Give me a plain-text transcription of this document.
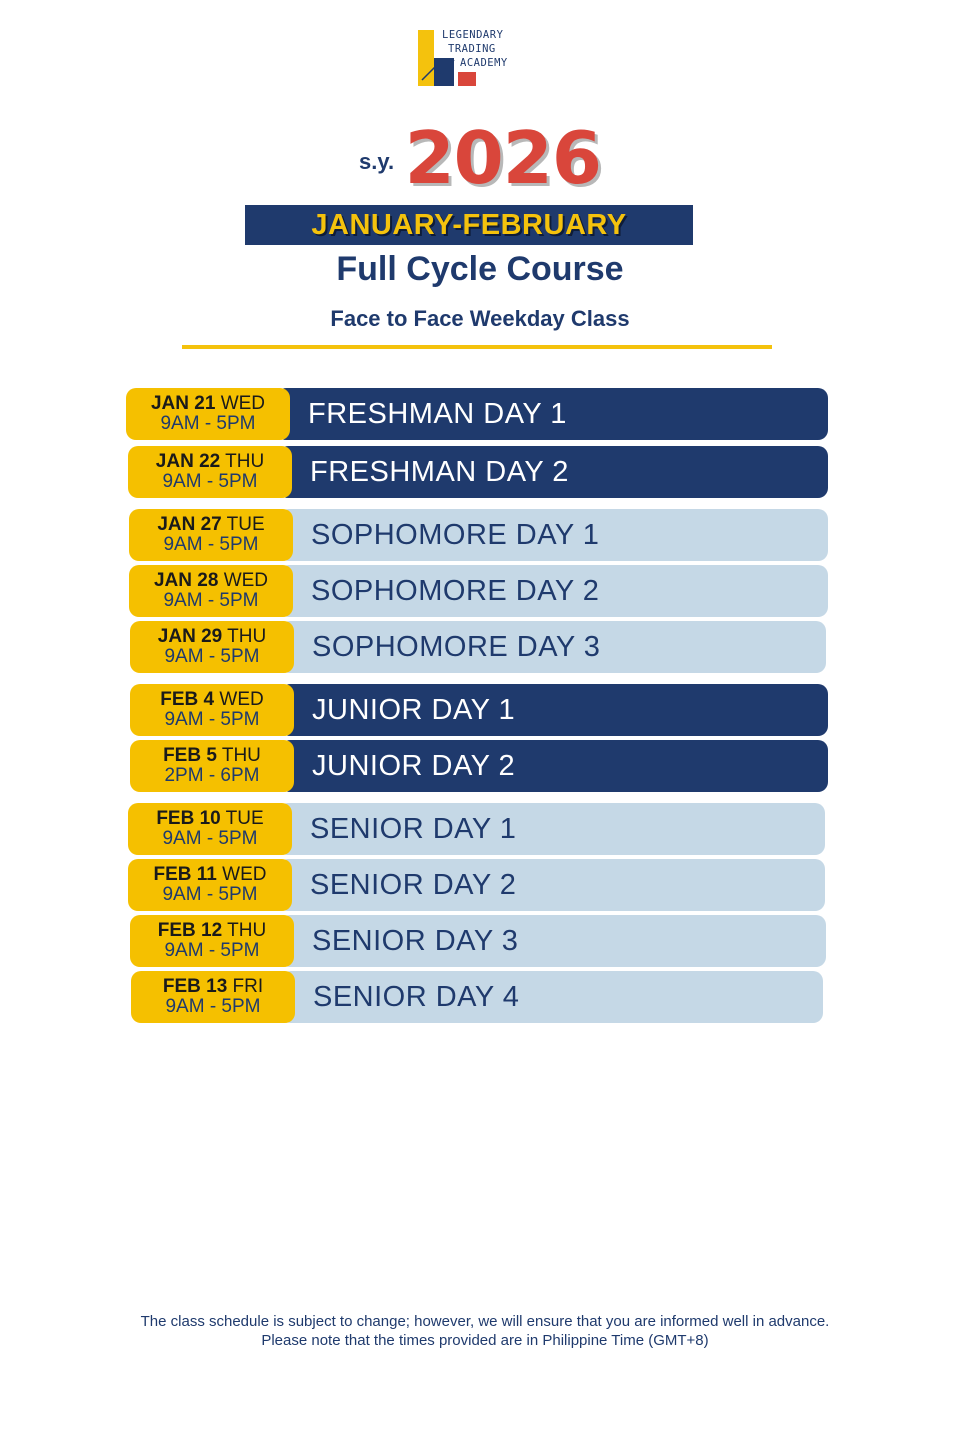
LEGENDARY
TRADING
ACADEMY
s.y. 2026
JANUARY-FEBRUARY
Full Cycle Course
Face to Face Weekday Class
JAN 21 WED
9AM - 5PM	FRESHMAN DAY 1
JAN 22 THU
9AM - 5PM	FRESHMAN DAY 2
JAN 27 TUE
9AM - 5PM	SOPHOMORE DAY 1
JAN 28 WED
9AM - 5PM	SOPHOMORE DAY 2
JAN 29 THU
9AM - 5PM	SOPHOMORE DAY 3
FEB 4 WED
9AM - 5PM	JUNIOR DAY 1
FEB 5 THU
2PM - 6PM	JUNIOR DAY 2
FEB 10 TUE
9AM - 5PM	SENIOR DAY 1
FEB 11 WED
9AM - 5PM	SENIOR DAY 2
FEB 12 THU
9AM - 5PM	SENIOR DAY 3
FEB 13 FRI
9AM - 5PM	SENIOR DAY 4
The class schedule is subject to change; however, we will ensure that you are informed well in advance. Please note that the times provided are in Philippine Time (GMT+8)
